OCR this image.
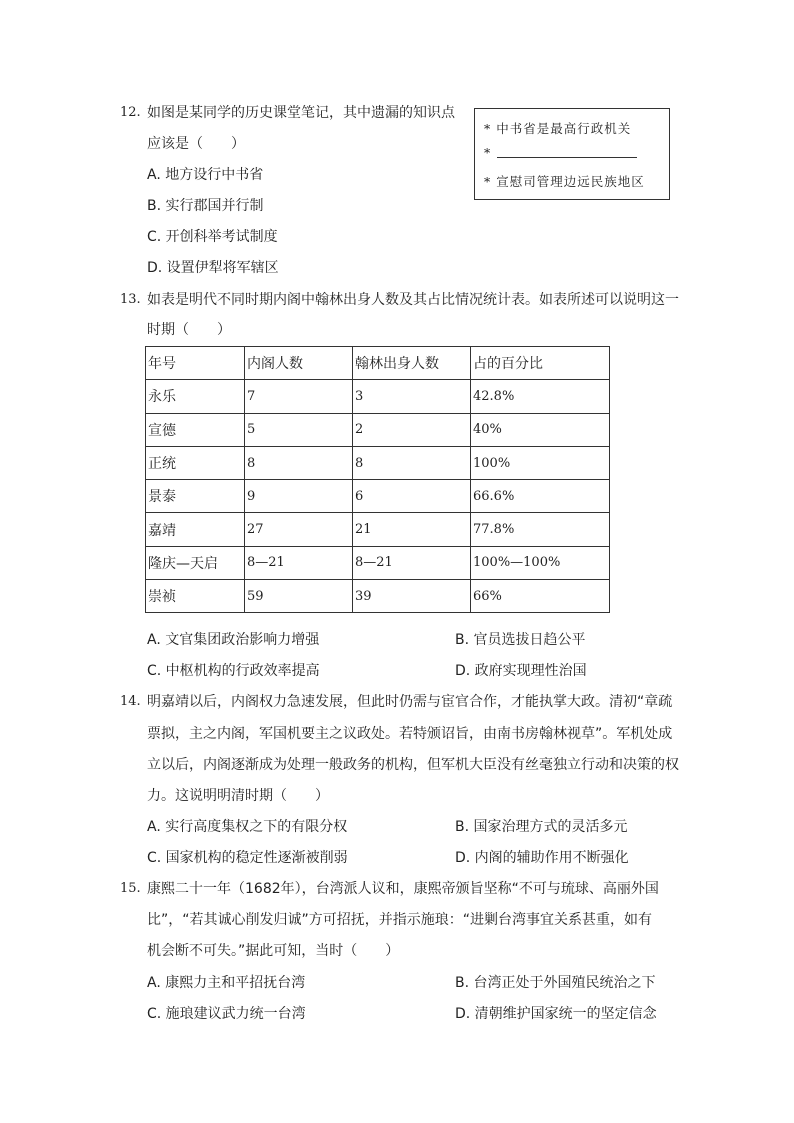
12. 如图是某同学的历史课堂笔记，其中遗漏的知识点
应该是（　　）
* 中书省是最高行政机关
*
* 宣慰司管理边远民族地区
A. 地方设行中书省
B. 实行郡国并行制
C. 开创科举考试制度
D. 设置伊犁将军辖区
13. 如表是明代不同时期内阁中翰林出身人数及其占比情况统计表。如表所述可以说明这一
时期（　　）
年号	内阁人数	翰林出身人数	占的百分比
永乐	7	3	42.8%
宣德	5	2	40%
正统	8	8	100%
景泰	9	6	66.6%
嘉靖	27	21	77.8%
隆庆—天启	8—21	8—21	100%—100%
崇祯	59	39	66%
A. 文官集团政治影响力增强	B. 官员选拔日趋公平
C. 中枢机构的行政效率提高	D. 政府实现理性治国
14. 明嘉靖以后，内阁权力急速发展，但此时仍需与宦官合作，才能执掌大政。清初“章疏
票拟，主之内阁，军国机要主之议政处。若特颁诏旨，由南书房翰林视草”。军机处成
立以后，内阁逐渐成为处理一般政务的机构，但军机大臣没有丝毫独立行动和决策的权
力。这说明明清时期（　　）
A. 实行高度集权之下的有限分权	B. 国家治理方式的灵活多元
C. 国家机构的稳定性逐渐被削弱	D. 内阁的辅助作用不断强化
15. 康熙二十一年（1682年），台湾派人议和，康熙帝颁旨坚称“不可与琉球、高丽外国
比”，“若其诚心削发归诚”方可招抚，并指示施琅：“进剿台湾事宜关系甚重，如有
机会断不可失。”据此可知，当时（　　）
A. 康熙力主和平招抚台湾	B. 台湾正处于外国殖民统治之下
C. 施琅建议武力统一台湾	D. 清朝维护国家统一的坚定信念
